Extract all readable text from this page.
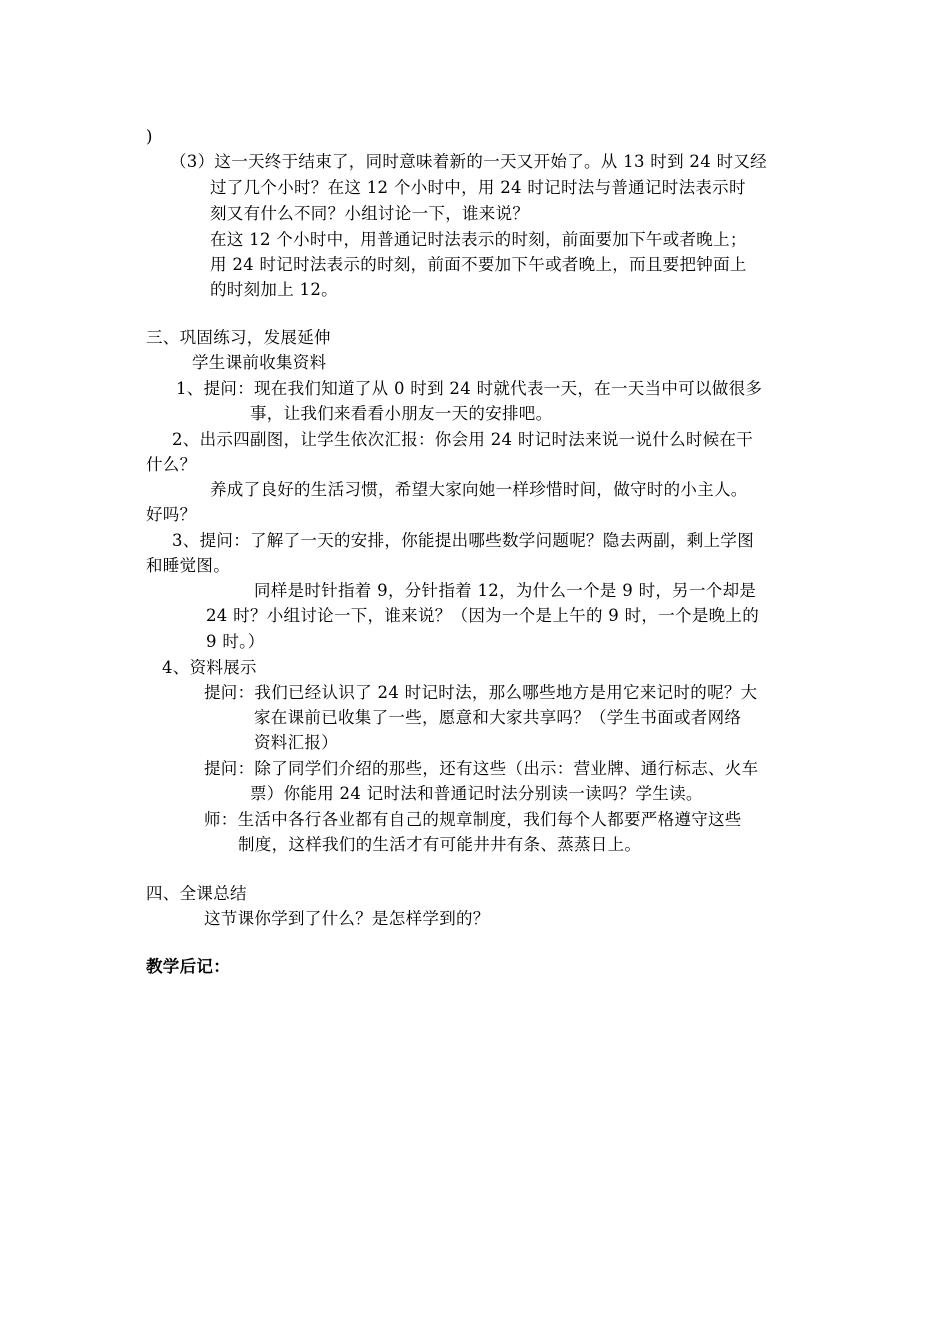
)
（3）这一天终于结束了，同时意味着新的一天又开始了。从 13 时到 24 时又经
过了几个小时？在这 12 个小时中，用 24 时记时法与普通记时法表示时
刻又有什么不同？小组讨论一下，谁来说？
在这 12 个小时中，用普通记时法表示的时刻，前面要加下午或者晚上；
用 24 时记时法表示的时刻，前面不要加下午或者晚上，而且要把钟面上
的时刻加上 12。
三、巩固练习，发展延伸
学生课前收集资料
1、提问：现在我们知道了从 0 时到 24 时就代表一天，在一天当中可以做很多
事，让我们来看看小朋友一天的安排吧。
2、出示四副图，让学生依次汇报：你会用 24 时记时法来说一说什么时候在干
什么？
养成了良好的生活习惯，希望大家向她一样珍惜时间，做守时的小主人。
好吗？
3、提问：了解了一天的安排，你能提出哪些数学问题呢？隐去两副，剩上学图
和睡觉图。
同样是时针指着 9，分针指着 12，为什么一个是 9 时，另一个却是
24 时？小组讨论一下，谁来说？（因为一个是上午的 9 时，一个是晚上的
9 时。）
4、资料展示
提问：我们已经认识了 24 时记时法，那么哪些地方是用它来记时的呢？大
家在课前已收集了一些，愿意和大家共享吗？（学生书面或者网络
资料汇报）
提问：除了同学们介绍的那些，还有这些（出示：营业牌、通行标志、火车
票）你能用 24 记时法和普通记时法分别读一读吗？学生读。
师：生活中各行各业都有自己的规章制度，我们每个人都要严格遵守这些
制度，这样我们的生活才有可能井井有条、蒸蒸日上。
四、全课总结
这节课你学到了什么？是怎样学到的？
教学后记：
